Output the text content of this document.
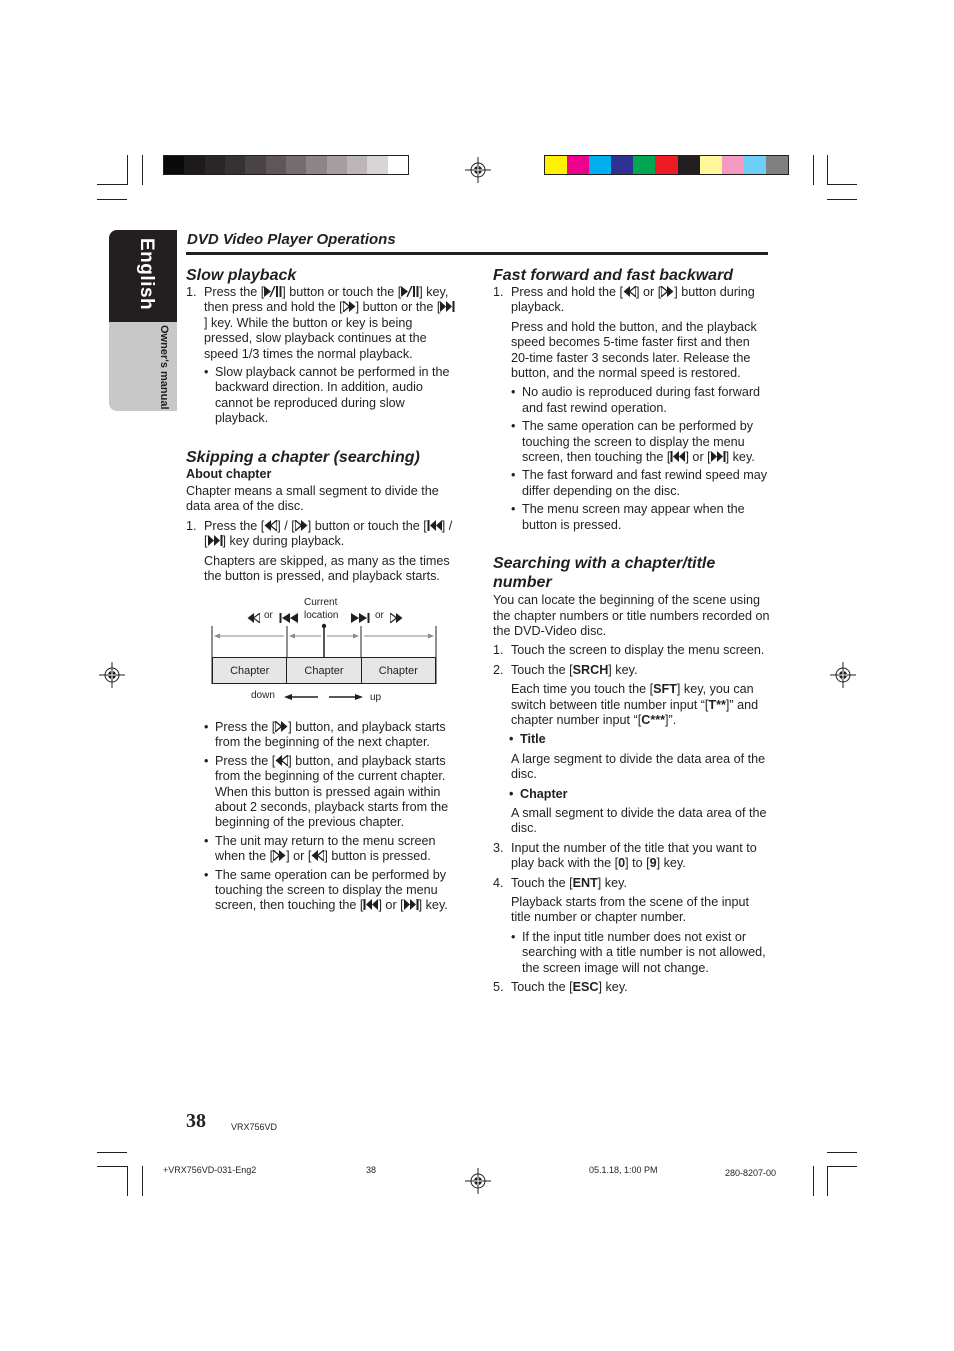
English
Owner's manual
DVD Video Player Operations
Slow playback
1. Press the [ ] button or touch the [ ] key, then press and hold the [ ] button or the [] key. While the button or key is being pressed, slow playback continues at the speed 1/3 times the normal playback.
• Slow playback cannot be performed in the backward direction. In addition, audio cannot be reproduced during slow playback.
Skipping a chapter (searching)

About chapter

Chapter means a small segment to divide the data area of the disc.

1. Press the [ ] / [ ] button or touch the [ ] / [ ] key during playback.

Chapters are skipped, as many as the times the button is pressed, and playback starts.

or
Current
location	or
Chapter	Chapter	Chapter
down	up
• Press the [ ] button, and playback starts from the beginning of the next chapter.
• Press the [ ] button, and playback starts from the beginning of the current chapter. When this button is pressed again within about 2 seconds, playback starts from the beginning of the previous chapter.
• The unit may return to the menu screen when the [ ] or [ ] button is pressed.
• The same operation can be performed by touching the screen to display the menu screen, then touching the [ ] or [ ] key.
Fast forward and fast backward
1. Press and hold the [ ] or [ ] button during playback.

Press and hold the button, and the playback speed becomes 5-time faster first and then 20-time faster 3 seconds later. Release the button, and the normal speed is restored.

• No audio is reproduced during fast forward and fast rewind operation.
• The same operation can be performed by touching the screen to display the menu screen, then touching the [ ] or [ ] key.
• The fast forward and fast rewind speed may differ depending on the disc.
• The menu screen may appear when the button is pressed.
Searching with a chapter/title number

You can locate the beginning of the scene using the chapter numbers or title numbers recorded on the DVD-Video disc.

1. Touch the screen to display the menu screen.
2. Touch the [SRCH] key.

Each time you touch the [SFT] key, you can switch between title number input “[T**]” and chapter number input “[C***]”.

• Title

A large segment to divide the data area of the disc.

• Chapter

A small segment to divide the data area of the disc.

3. Input the number of the title that you want to play back with the [0] to [9] key.
4. Touch the [ENT] key.

Playback starts from the scene of the input title number or chapter number.

• If the input title number does not exist or searching with a title number is not allowed, the screen image will not change.
5. Touch the [ESC] key.
38	VRX756VD
+VRX756VD-031-Eng2	38	05.1.18, 1:00 PM	280-8207-00
